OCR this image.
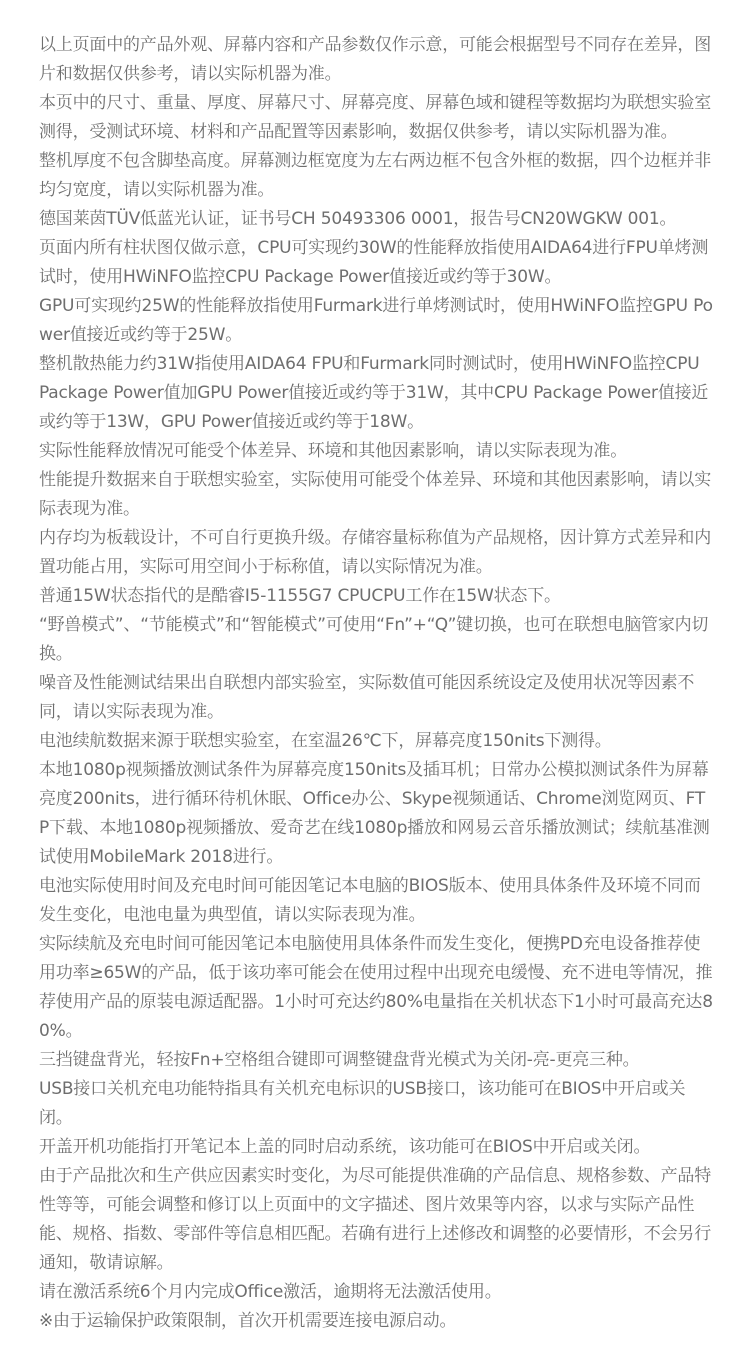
以上页面中的产品外观、屏幕内容和产品参数仅作示意，可能会根据型号不同存在差异，图片和数据仅供参考，请以实际机器为准。

本页中的尺寸、重量、厚度、屏幕尺寸、屏幕亮度、屏幕色域和键程等数据均为联想实验室测得，受测试环境、材料和产品配置等因素影响，数据仅供参考，请以实际机器为准。

整机厚度不包含脚垫高度。屏幕测边框宽度为左右两边框不包含外框的数据，四个边框并非均匀宽度，请以实际机器为准。

德国莱茵TÜV低蓝光认证，证书号CH 50493306 0001，报告号CN20WGKW 001。

页面内所有柱状图仅做示意，CPU可实现约30W的性能释放指使用AIDA64进行FPU单烤测试时，使用HWiNFO监控CPU Package Power值接近或约等于30W。

GPU可实现约25W的性能释放指使用Furmark进行单烤测试时，使用HWiNFO监控GPU Power值接近或约等于25W。

整机散热能力约31W指使用AIDA64 FPU和Furmark同时测试时，使用HWiNFO监控CPU Package Power值加GPU Power值接近或约等于31W，其中CPU Package Power值接近或约等于13W，GPU Power值接近或约等于18W。

实际性能释放情况可能受个体差异、环境和其他因素影响，请以实际表现为准。

性能提升数据来自于联想实验室，实际使用可能受个体差异、环境和其他因素影响，请以实际表现为准。

内存均为板载设计，不可自行更换升级。存储容量标称值为产品规格，因计算方式差异和内置功能占用，实际可用空间小于标称值，请以实际情况为准。

普通15W状态指代的是酷睿I5-1155G7 CPUCPU工作在15W状态下。

“野兽模式”、“节能模式”和“智能模式”可使用“Fn”+“Q”键切换，也可在联想电脑管家内切换。

噪音及性能测试结果出自联想内部实验室，实际数值可能因系统设定及使用状况等因素不同，请以实际表现为准。

电池续航数据来源于联想实验室，在室温26℃下，屏幕亮度150nits下测得。

本地1080p视频播放测试条件为屏幕亮度150nits及插耳机；日常办公模拟测试条件为屏幕亮度200nits，进行循环待机休眠、Office办公、Skype视频通话、Chrome浏览网页、FTP下载、本地1080p视频播放、爱奇艺在线1080p播放和网易云音乐播放测试；续航基准测试使用MobileMark 2018进行。

电池实际使用时间及充电时间可能因笔记本电脑的BIOS版本、使用具体条件及环境不同而发生变化，电池电量为典型值，请以实际表现为准。

实际续航及充电时间可能因笔记本电脑使用具体条件而发生变化，便携PD充电设备推荐使用功率≥65W的产品，低于该功率可能会在使用过程中出现充电缓慢、充不进电等情况，推荐使用产品的原装电源适配器。1小时可充达约80%电量指在关机状态下1小时可最高充达80%。

三挡键盘背光，轻按Fn+空格组合键即可调整键盘背光模式为关闭-亮-更亮三种。

USB接口关机充电功能特指具有关机充电标识的USB接口，该功能可在BIOS中开启或关闭。

开盖开机功能指打开笔记本上盖的同时启动系统，该功能可在BIOS中开启或关闭。

由于产品批次和生产供应因素实时变化，为尽可能提供准确的产品信息、规格参数、产品特性等等，可能会调整和修订以上页面中的文字描述、图片效果等内容，以求与实际产品性能、规格、指数、零部件等信息相匹配。若确有进行上述修改和调整的必要情形，不会另行通知，敬请谅解。

请在激活系统6个月内完成Office激活，逾期将无法激活使用。

※由于运输保护政策限制，首次开机需要连接电源启动。
